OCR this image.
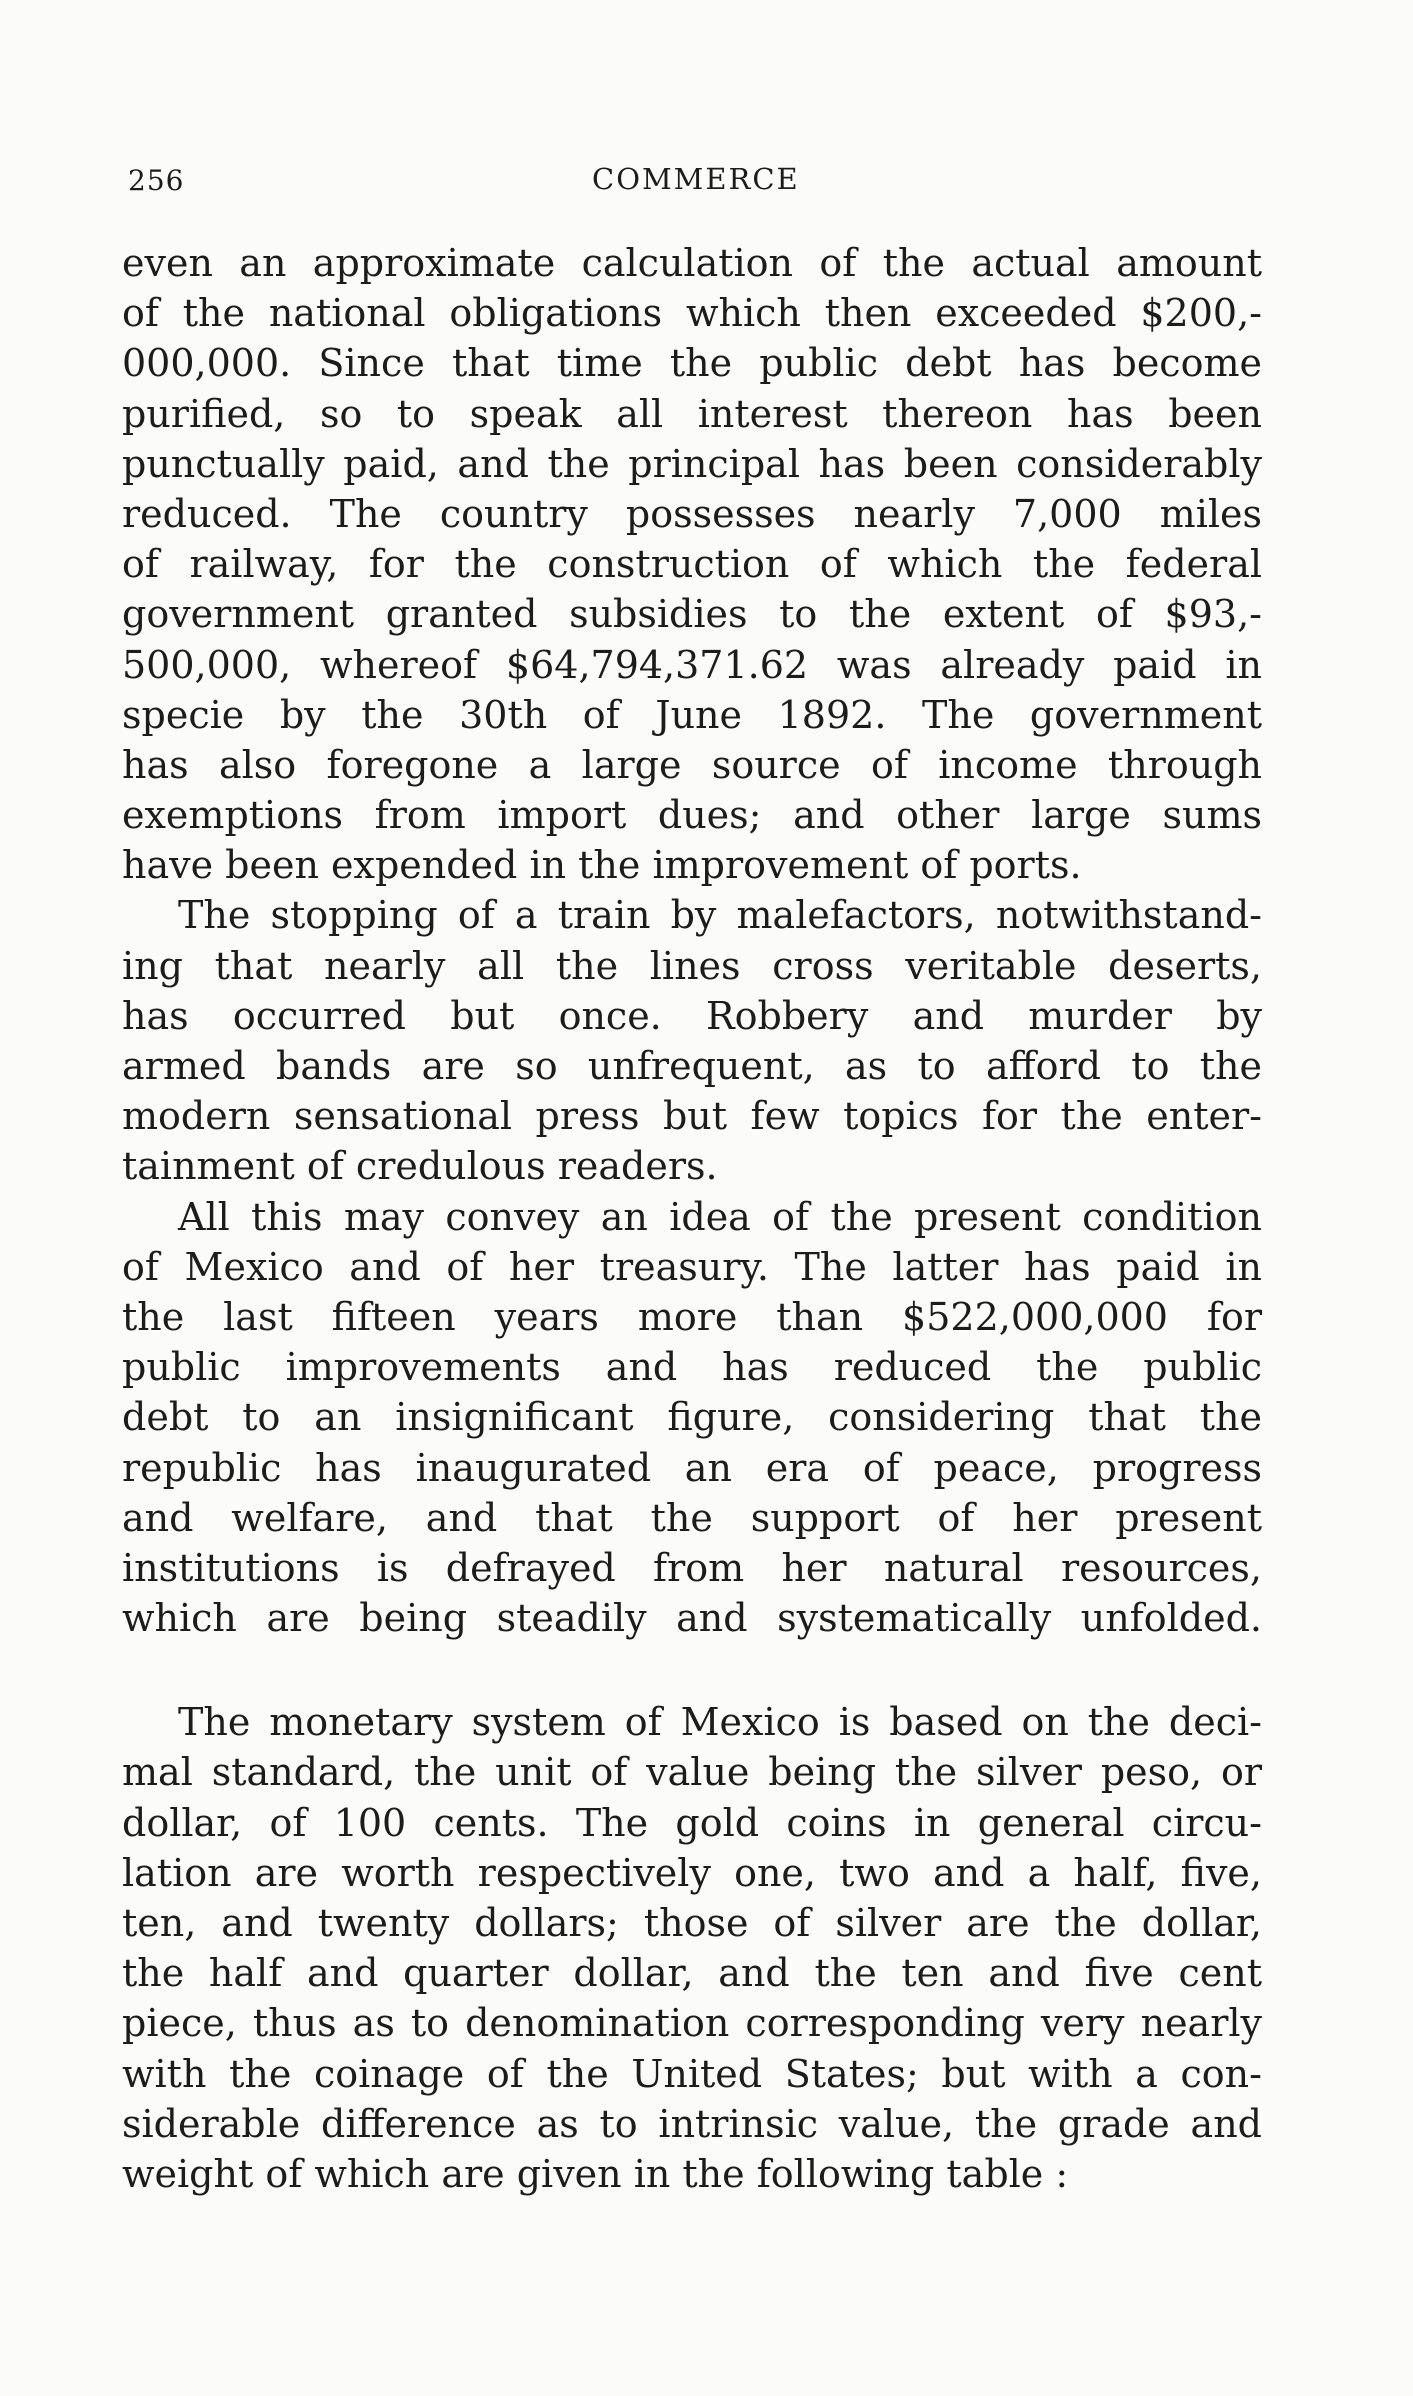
256	COMMERCE
even an approximate calculation of the actual amount
of the national obligations which then exceeded $200,-
000,000. Since that time the public debt has become
purified, so to speak all interest thereon has been
punctually paid, and the principal has been considerably
reduced. The country possesses nearly 7,000 miles
of railway, for the construction of which the federal
government granted subsidies to the extent of $93,-
500,000, whereof $64,794,371.62 was already paid in
specie by the 30th of June 1892. The government
has also foregone a large source of income through
exemptions from import dues; and other large sums
have been expended in the improvement of ports.
The stopping of a train by malefactors, notwithstand-
ing that nearly all the lines cross veritable deserts,
has occurred but once. Robbery and murder by
armed bands are so unfrequent, as to afford to the
modern sensational press but few topics for the enter-
tainment of credulous readers.
All this may convey an idea of the present condition
of Mexico and of her treasury. The latter has paid in
the last fifteen years more than $522,000,000 for
public improvements and has reduced the public
debt to an insignificant figure, considering that the
republic has inaugurated an era of peace, progress
and welfare, and that the support of her present
institutions is defrayed from her natural resources,
which are being steadily and systematically unfolded.
The monetary system of Mexico is based on the deci-
mal standard, the unit of value being the silver peso, or
dollar, of 100 cents. The gold coins in general circu-
lation are worth respectively one, two and a half, five,
ten, and twenty dollars; those of silver are the dollar,
the half and quarter dollar, and the ten and five cent
piece, thus as to denomination corresponding very nearly
with the coinage of the United States; but with a con-
siderable difference as to intrinsic value, the grade and
weight of which are given in the following table :
